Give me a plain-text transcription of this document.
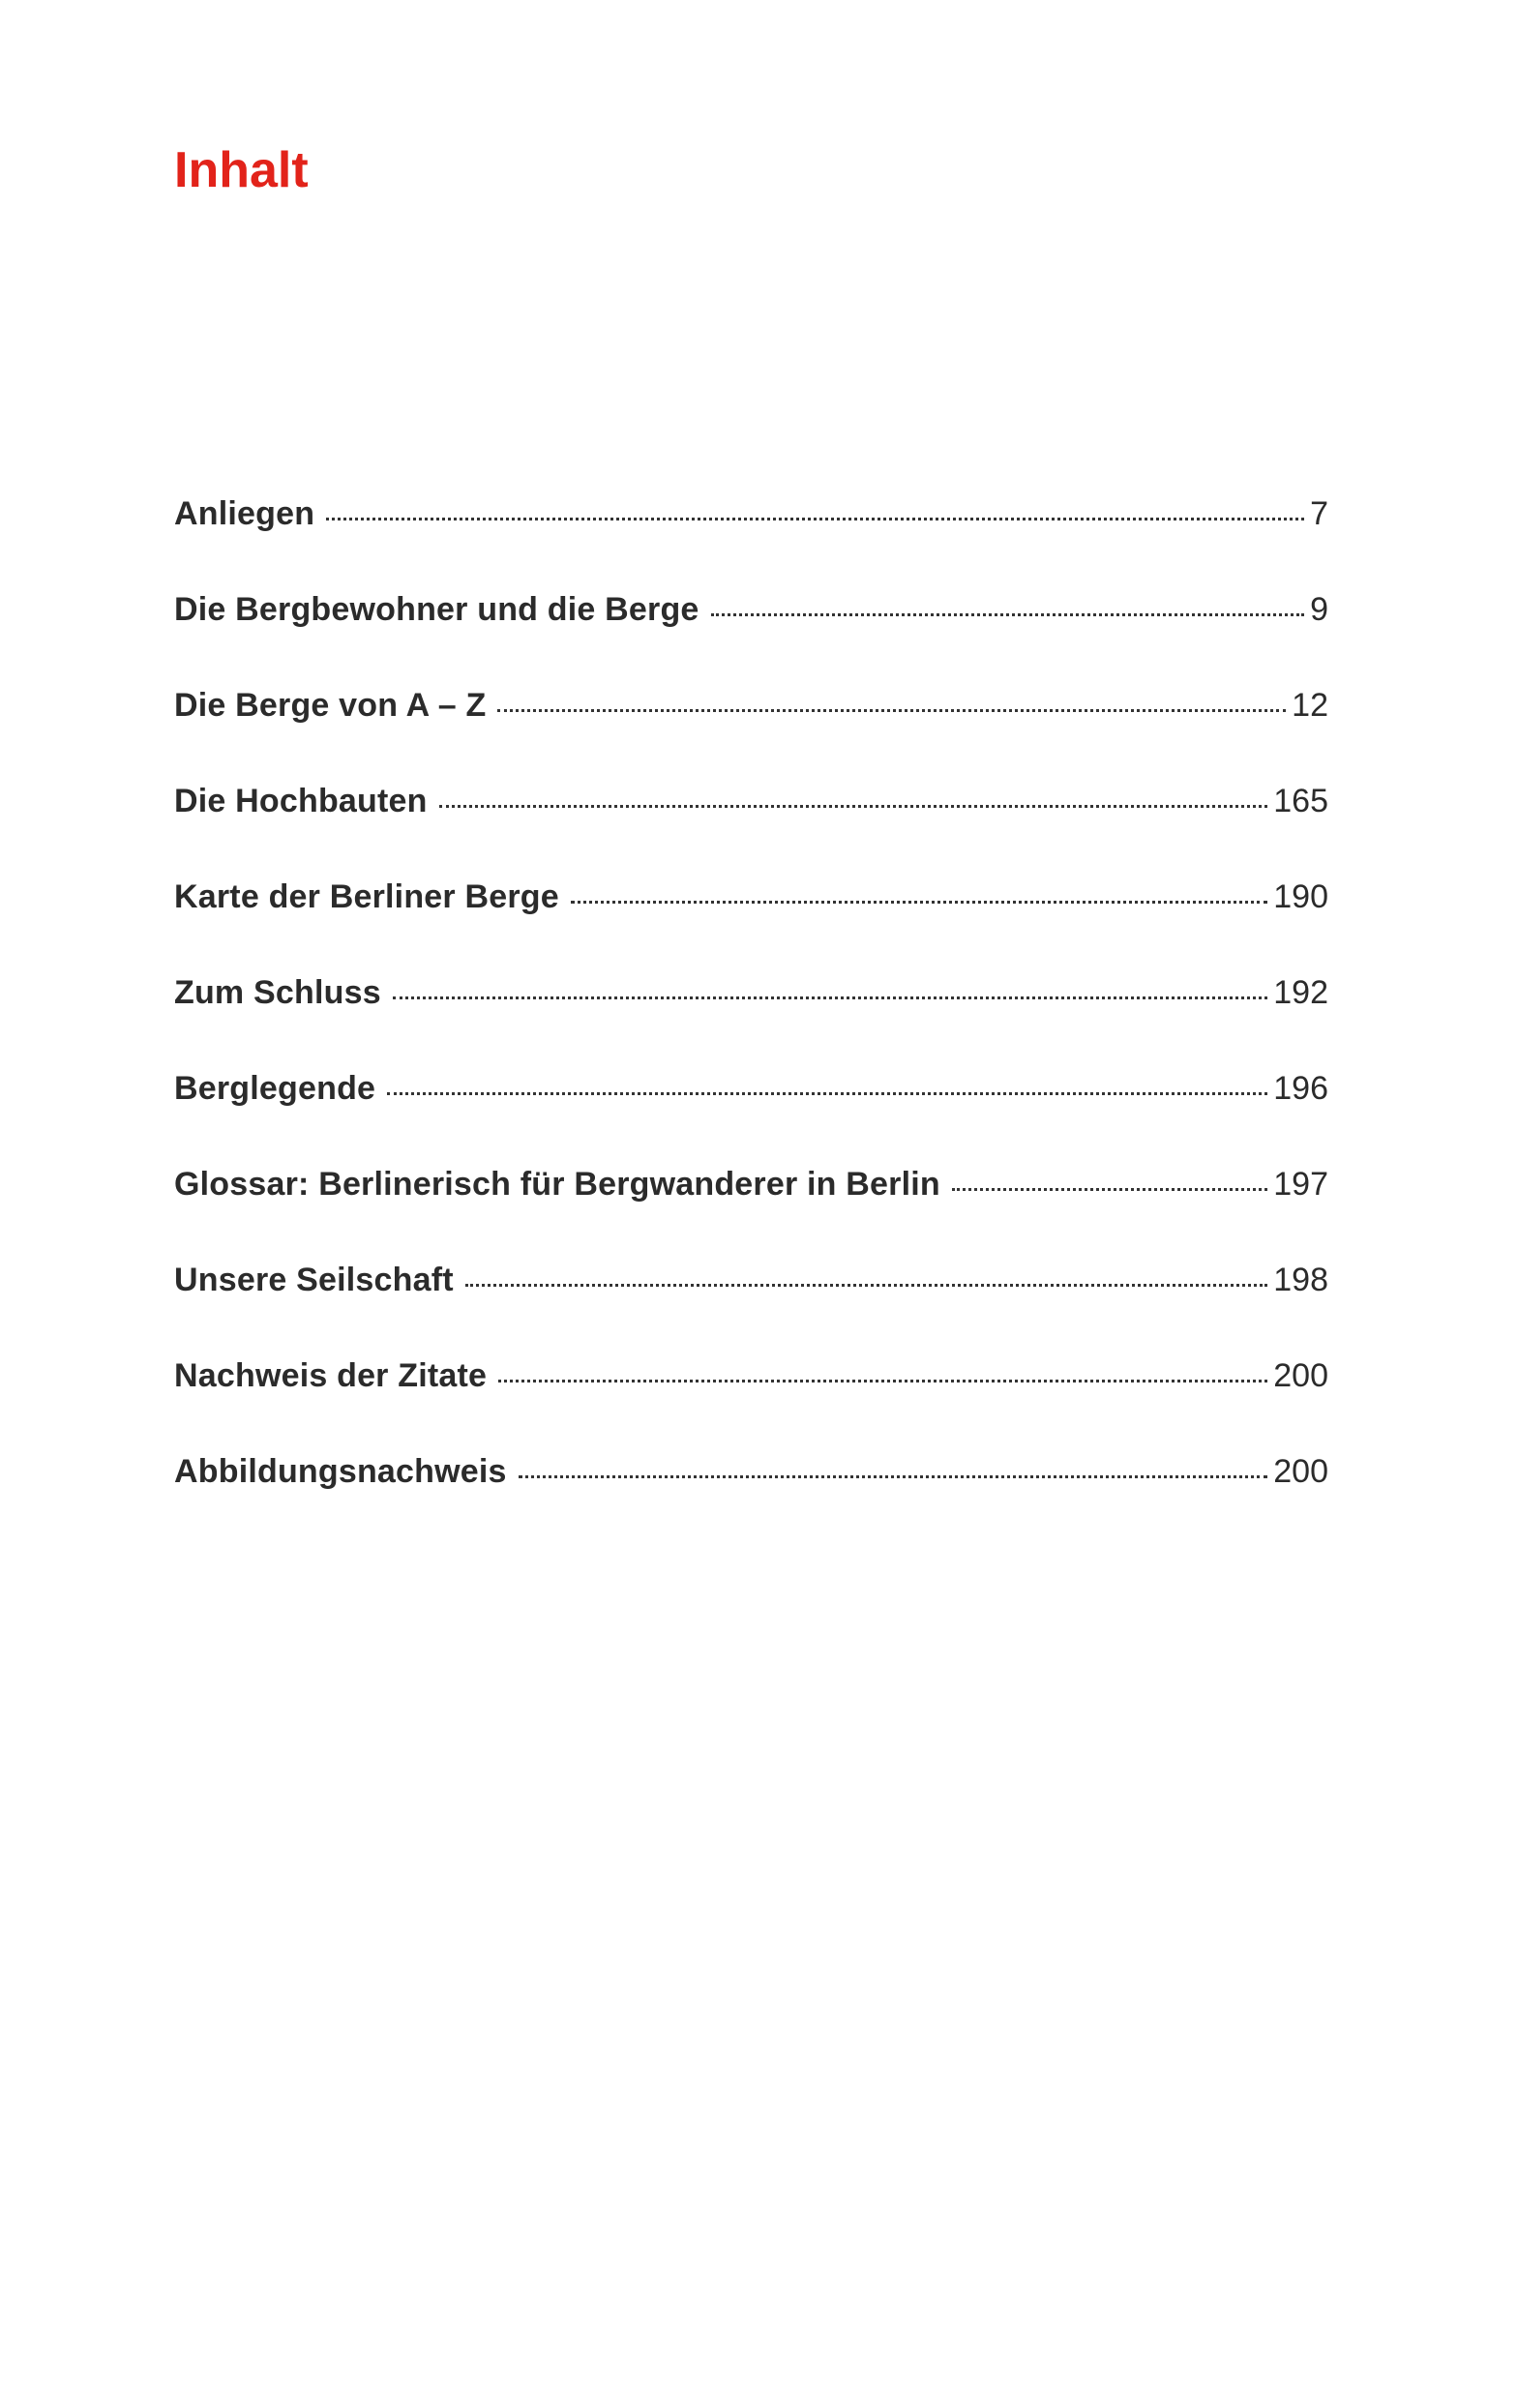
Inhalt
Anliegen	7
Die Bergbewohner und die Berge	9
Die Berge von A – Z	12
Die Hochbauten	165
Karte der Berliner Berge	190
Zum Schluss	192
Berglegende	196
Glossar: Berlinerisch für Bergwanderer in Berlin	197
Unsere Seilschaft	198
Nachweis der Zitate	200
Abbildungsnachweis	200
